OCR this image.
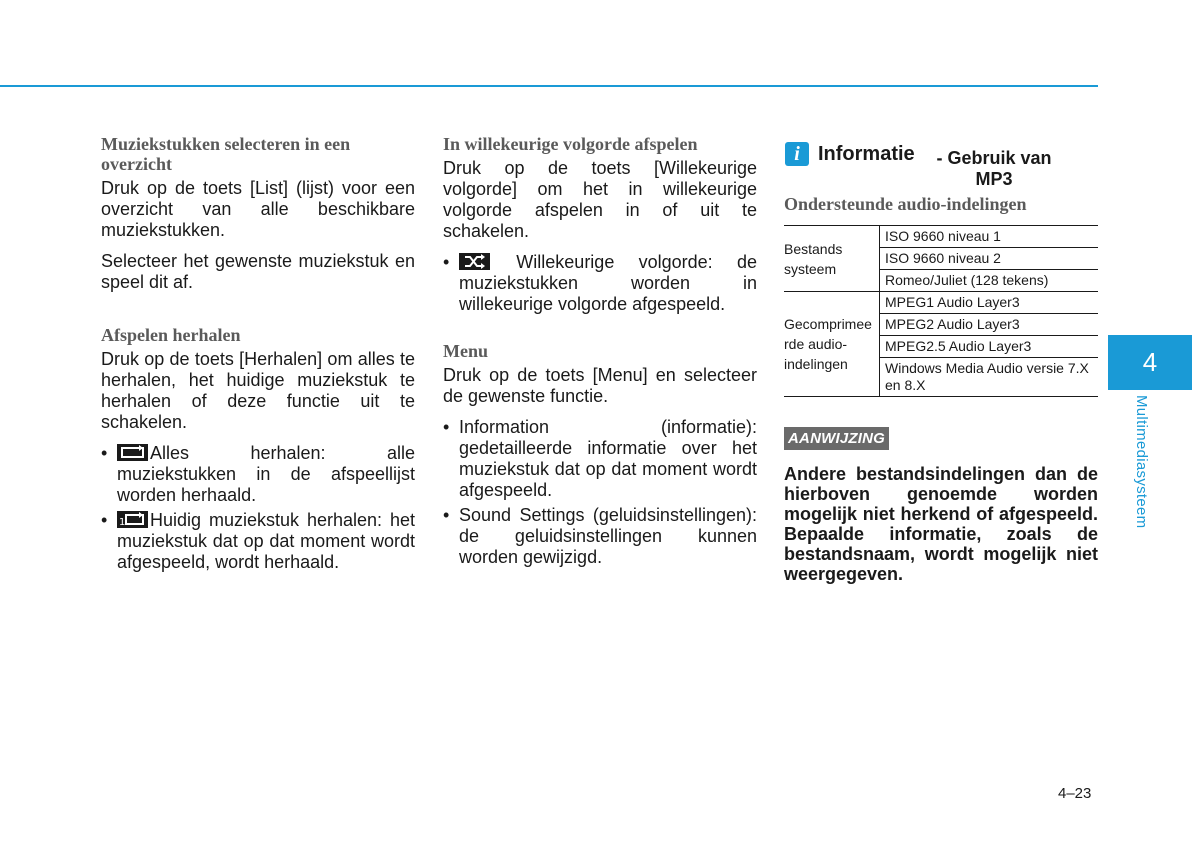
Muziekstukken selecteren in een overzicht
Druk op de toets [List] (lijst) voor een overzicht van alle beschikbare muziekstukken.
Selecteer het gewenste muziekstuk en speel dit af.
Afspelen herhalen
Druk op de toets [Herhalen] om alles te herhalen, het huidige muziekstuk te herhalen of deze functie uit te schakelen.
• Alles herhalen: alle muziekstukken in de afspeellijst worden herhaald.
• 1 Huidig muziekstuk herhalen: het muziekstuk dat op dat moment wordt afgespeeld, wordt herhaald.
In willekeurige volgorde afspelen
Druk op de toets [Willekeurige volgorde] om het in willekeurige volgorde afspelen in of uit te schakelen.
•	Willekeurige volgorde: de muziekstukken worden in willekeurige volgorde afgespeeld.
Menu
Druk op de toets [Menu] en selecteer de gewenste functie.
• Information (informatie): gedetailleerde informatie over het muziekstuk dat op dat moment wordt afgespeeld.
• Sound Settings (geluidsinstellingen): de geluidsinstellingen kunnen worden gewijzigd.
i Informatie	- Gebruik van MP3
Ondersteunde audio-indelingen
Bestands systeem	ISO 9660 niveau 1
	ISO 9660 niveau 2
	Romeo/Juliet (128 tekens)
Gecomprimee rde audio-indelingen	MPEG1 Audio Layer3
	MPEG2 Audio Layer3
	MPEG2.5 Audio Layer3
	Windows Media Audio versie 7.X en 8.X
AANWIJZING
Andere bestandsindelingen dan de hierboven genoemde worden mogelijk niet herkend of afgespeeld. Bepaalde informatie, zoals de bestandsnaam, wordt mogelijk niet weergegeven.
4
Multimediasysteem
4–23
